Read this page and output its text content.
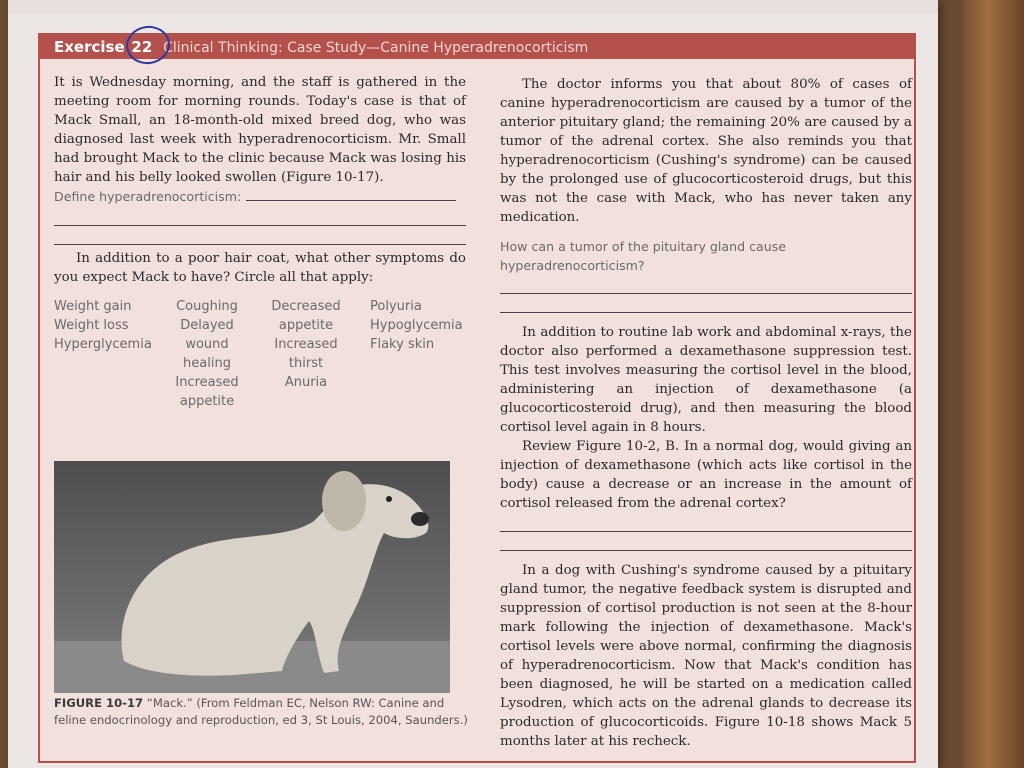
Exercise 22 Clinical Thinking: Case Study—Canine Hyperadrenocorticism

It is Wednesday morning, and the staff is gathered in the meeting room for morning rounds. Today's case is that of Mack Small, an 18-month-old mixed breed dog, who was diagnosed last week with hyperadrenocorticism. Mr. Small had brought Mack to the clinic because Mack was losing his hair and his belly looked swollen (Figure 10-17).

Define hyperadrenocorticism:

In addition to a poor hair coat, what other symptoms do you expect Mack to have? Circle all that apply:

Weight gain
Weight loss
Hyperglycemia
Coughing
Delayed wound healing
Increased appetite
Decreased appetite
Increased thirst
Anuria
Polyuria
Hypoglycemia
Flaky skin
FIGURE 10-17 “Mack.” (From Feldman EC, Nelson RW: Canine and feline endocrinology and reproduction, ed 3, St Louis, 2004, Saunders.)

The doctor informs you that about 80% of cases of canine hyperadrenocorticism are caused by a tumor of the anterior pituitary gland; the remaining 20% are caused by a tumor of the adrenal cortex. She also reminds you that hyperadrenocorticism (Cushing's syndrome) can be caused by the prolonged use of glucocorticosteroid drugs, but this was not the case with Mack, who has never taken any medication.

How can a tumor of the pituitary gland cause hyperadrenocorticism?

In addition to routine lab work and abdominal x-rays, the doctor also performed a dexamethasone suppression test. This test involves measuring the cortisol level in the blood, administering an injection of dexamethasone (a glucocorticosteroid drug), and then measuring the blood cortisol level again in 8 hours.

Review Figure 10-2, B. In a normal dog, would giving an injection of dexamethasone (which acts like cortisol in the body) cause a decrease or an increase in the amount of cortisol released from the adrenal cortex?

In a dog with Cushing's syndrome caused by a pituitary gland tumor, the negative feedback system is disrupted and suppression of cortisol production is not seen at the 8-hour mark following the injection of dexamethasone. Mack's cortisol levels were above normal, confirming the diagnosis of hyperadrenocorticism. Now that Mack's condition has been diagnosed, he will be started on a medication called Lysodren, which acts on the adrenal glands to decrease its production of glucocorticoids. Figure 10-18 shows Mack 5 months later at his recheck.
